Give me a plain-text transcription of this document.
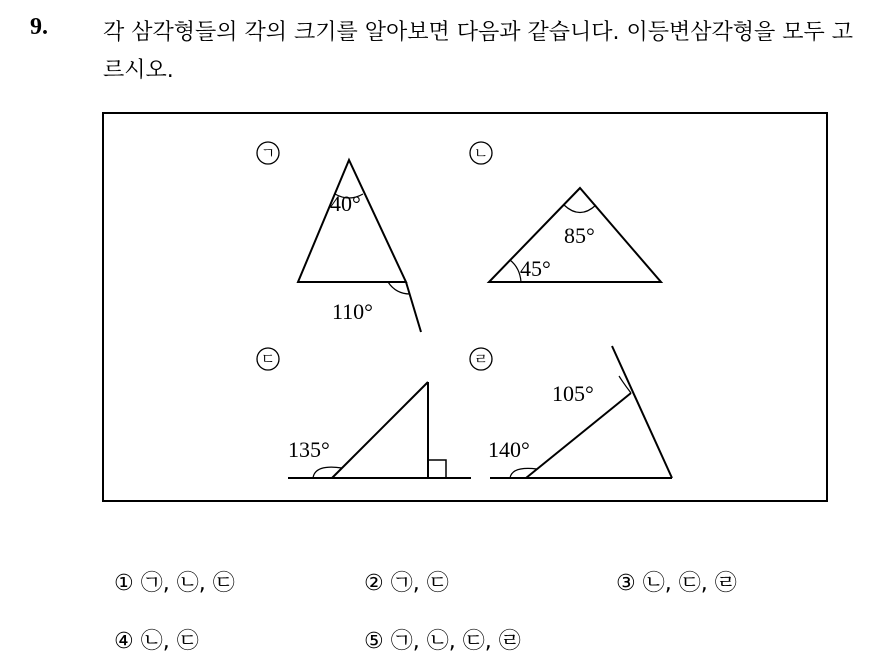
9.	각 삼각형들의 각의 크기를 알아보면 다음과 같습니다. 이등변삼각형을 모두 고르시오.
ㄱ	ㄴ
ㄷ	ㄹ
40°
110°
85°
45°
135°
105°
140°
① ㉠, ㉡, ㉢	② ㉠, ㉢	③ ㉡, ㉢, ㉣
④ ㉡, ㉢	⑤ ㉠, ㉡, ㉢, ㉣
